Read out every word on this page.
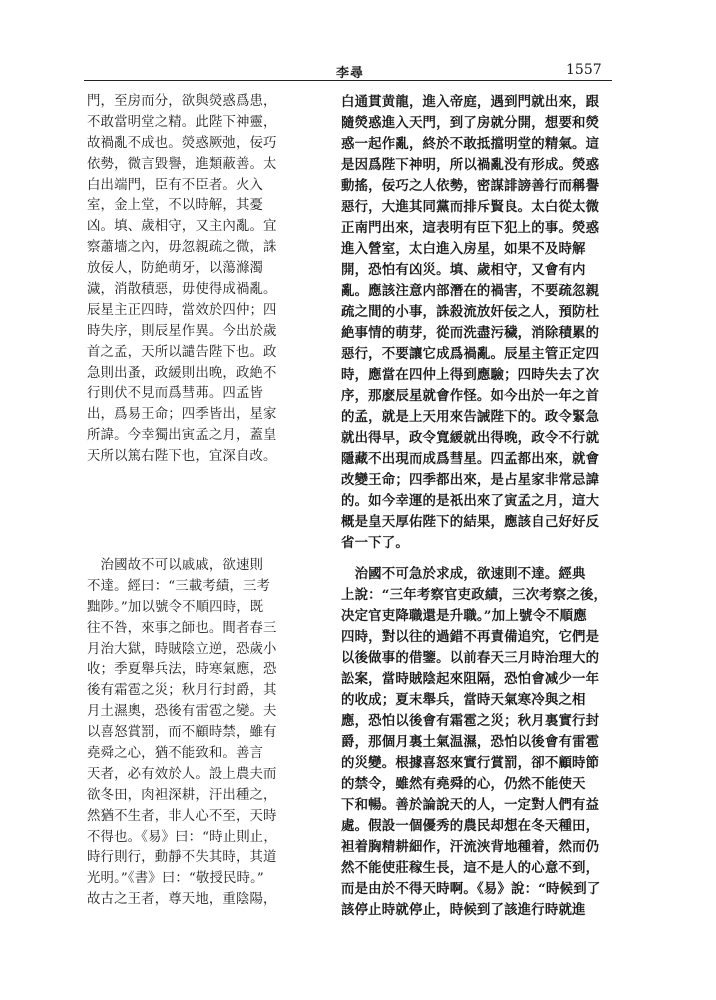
李尋	1557
門，至房而分，欲與熒惑爲患，
不敢當明堂之精。此陛下神靈，
故禍亂不成也。熒惑厥弛，佞巧
依勢，微言毀譽，進類蔽善。太
白出端門，臣有不臣者。火入
室，金上堂，不以時解，其憂
凶。填、歲相守，又主內亂。宜
察蕭墻之內，毋忽親疏之微，誅
放佞人，防絶萌牙，以蕩滌濁
濊，消散積惡，毋使得成禍亂。
辰星主正四時，當效於四仲；四
時失序，則辰星作異。今出於歲
首之孟，天所以譴告陛下也。政
急則出蚤，政緩則出晚，政絶不
行則伏不見而爲彗茀。四孟皆
出，爲易王命；四季皆出，星家
所諱。今幸獨出寅孟之月，蓋皇
天所以篤右陛下也，宜深自改。
　治國故不可以戚戚，欲速則
不達。經曰：“三載考績，三考
黜陟。”加以號令不順四時，既
往不咎，來事之師也。間者春三
月治大獄，時賊陰立逆，恐歲小
收；季夏舉兵法，時寒氣應，恐
後有霜雹之災；秋月行封爵，其
月土濕奧，恐後有雷雹之變。夫
以喜怒賞罰，而不顧時禁，雖有
堯舜之心，猶不能致和。善言
天者，必有效於人。設上農夫而
欲冬田，肉袒深耕，汗出種之，
然猶不生者，非人心不至，天時
不得也。《易》曰：“時止則止，
時行則行，動靜不失其時，其道
光明。”《書》曰：“敬授民時。”
故古之王者，尊天地，重陰陽，
白通貫黄龍，進入帝庭，遇到門就出來，跟
隨熒惑進入天門，到了房就分開，想要和熒
惑一起作亂，終於不敢抵擋明堂的精氣。這
是因爲陛下神明，所以禍亂没有形成。熒惑
動搖，佞巧之人依勢，密謀誹謗善行而稱譽
惡行，大進其同黨而排斥賢良。太白從太微
正南門出來，這表明有臣下犯上的事。熒惑
進入營室，太白進入房星，如果不及時解
開，恐怕有凶災。填、歲相守，又會有内
亂。應該注意内部潛在的禍害，不要疏忽親
疏之間的小事，誅殺流放奸佞之人，預防杜
絶事情的萌芽，從而洗盡污穢，消除積累的
惡行，不要讓它成爲禍亂。辰星主管正定四
時，應當在四仲上得到應驗；四時失去了次
序，那麽辰星就會作怪。如今出於一年之首
的孟，就是上天用來告誡陛下的。政令緊急
就出得早，政令寬緩就出得晚，政令不行就
隱藏不出現而成爲彗星。四孟都出來，就會
改變王命；四季都出來，是占星家非常忌諱
的。如今幸運的是祇出來了寅孟之月，這大
概是皇天厚佑陛下的結果，應該自己好好反
省一下了。
　治國不可急於求成，欲速則不達。經典
上說：“三年考察官吏政績，三次考察之後，
决定官吏降職還是升職。”加上號令不順應
四時，對以往的過錯不再責備追究，它們是
以後做事的借鑒。以前春天三月時治理大的
訟案，當時賊陰起來阻隔，恐怕會减少一年
的收成；夏末舉兵，當時天氣寒冷與之相
應，恐怕以後會有霜雹之災；秋月裏實行封
爵，那個月裏土氣温濕，恐怕以後會有雷雹
的災變。根據喜怒來實行賞罰，卻不顧時節
的禁令，雖然有堯舜的心，仍然不能使天
下和暢。善於論說天的人，一定對人們有益
處。假設一個優秀的農民却想在冬天種田，
袒着胸精耕細作，汗流浹背地種着，然而仍
然不能使莊稼生長，這不是人的心意不到，
而是由於不得天時啊。《易》說：“時候到了
該停止時就停止，時候到了該進行時就進
